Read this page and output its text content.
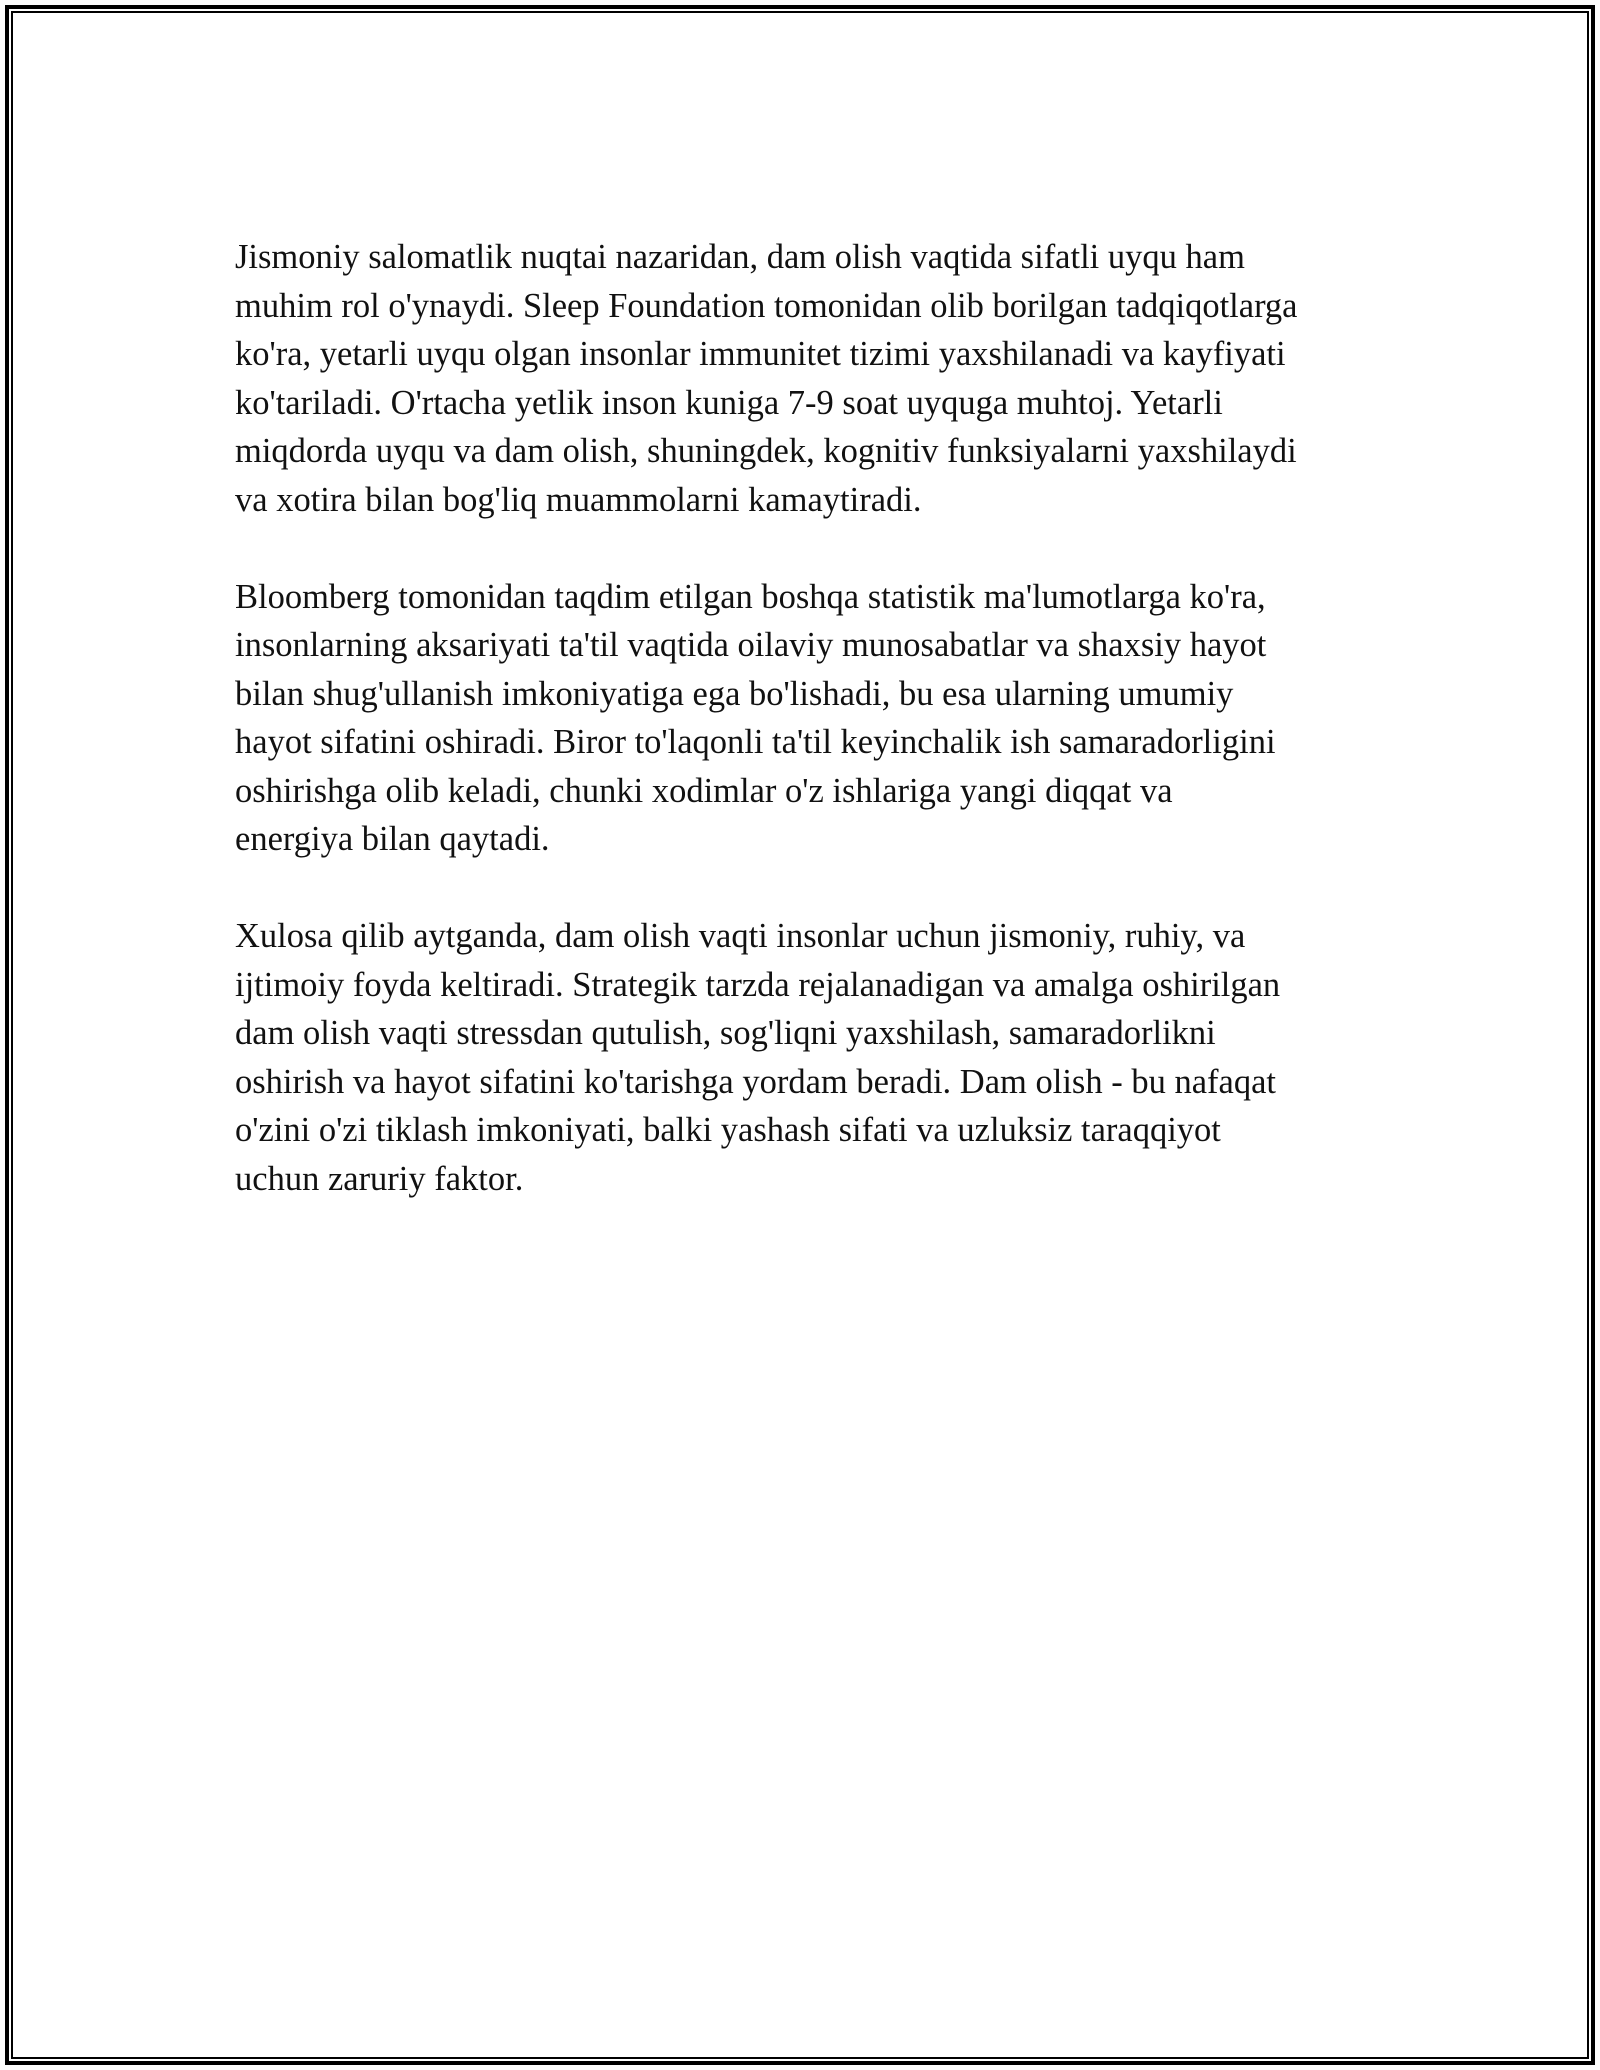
Jismoniy salomatlik nuqtai nazaridan, dam olish vaqtida sifatli uyqu ham
muhim rol o'ynaydi. Sleep Foundation tomonidan olib borilgan tadqiqotlarga
ko'ra, yetarli uyqu olgan insonlar immunitet tizimi yaxshilanadi va kayfiyati
ko'tariladi. O'rtacha yetlik inson kuniga 7-9 soat uyquga muhtoj. Yetarli
miqdorda uyqu va dam olish, shuningdek, kognitiv funksiyalarni yaxshilaydi
va xotira bilan bog'liq muammolarni kamaytiradi.

Bloomberg tomonidan taqdim etilgan boshqa statistik ma'lumotlarga ko'ra,
insonlarning aksariyati ta'til vaqtida oilaviy munosabatlar va shaxsiy hayot
bilan shug'ullanish imkoniyatiga ega bo'lishadi, bu esa ularning umumiy
hayot sifatini oshiradi. Biror to'laqonli ta'til keyinchalik ish samaradorligini
oshirishga olib keladi, chunki xodimlar o'z ishlariga yangi diqqat va
energiya bilan qaytadi.

Xulosa qilib aytganda, dam olish vaqti insonlar uchun jismoniy, ruhiy, va
ijtimoiy foyda keltiradi. Strategik tarzda rejalanadigan va amalga oshirilgan
dam olish vaqti stressdan qutulish, sog'liqni yaxshilash, samaradorlikni
oshirish va hayot sifatini ko'tarishga yordam beradi. Dam olish - bu nafaqat
o'zini o'zi tiklash imkoniyati, balki yashash sifati va uzluksiz taraqqiyot
uchun zaruriy faktor.
